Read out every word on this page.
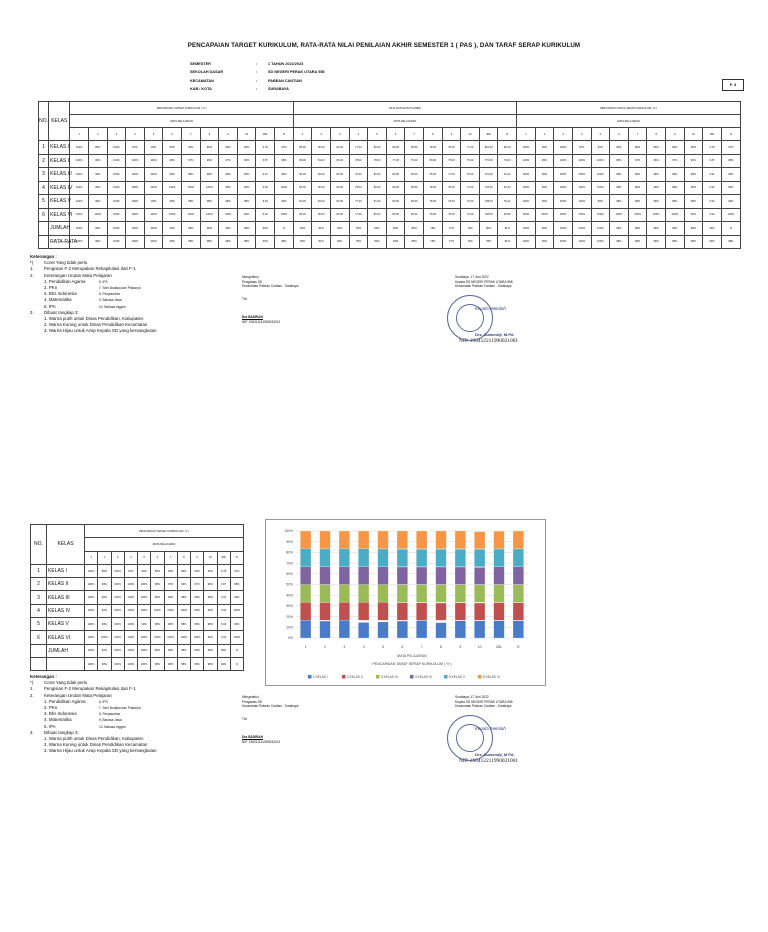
PENCAPAIAN TARGET KURIKULUM, RATA-RATA NILAI PENILAIAN AKHIR SEMESTER 1 ( PAS ), DAN TARAF SERAP KURIKULUM
SEMESTER	:	1 TAHUN 2022/2023
SEKOLAH DASAR	:	SD NEGERI PERAK UTARA 558
KECAMATAN	:	PABEAN CANTIAN
KAB / KOTA	:	SURABAYA
F. 3
NO.	KELAS	PENCAPAIAN TARGET KURIKULUM ( % )												NILAI RATA-RATA (UASBN)												PENCAPAIAN TARAF SERAP KURIKULUM ( % )											
		MATA PELAJARAN												MATA PELAJARAN												MATA PELAJARAN											
		1	2	3	4	5	6	7	8	9	10	JML	R	1	2	3	4	5	6	7	8	9	10	JML	R	1	2	3	4	5	6	7	8	9	10	JML	R
1	KELAS I	100%	85%	100%	87%	90%	95%	96%	86%	96%	96%	6.78	97%	85.00	80.00	82.00	77.00	80.00	80.00	84.00	78.00	76.00	77.00	802.00	80.20	100%	95%	100%	87%	90%	95%	98%	86%	96%	96%	6.78	97%
2	KELAS II	100%	99%	100%	100%	100%	98%	97%	96%	97%	96%	6.87	98%	86.00	81.00	80.00	78.00	78.00	77.00	79.00	80.00	76.00	76.00	770.00	79.00	100%	99%	100%	100%	100%	98%	97%	96%	97%	96%	6.87	98%
3	KELAS III	100%	99%	100%	100%	100%	98%	98%	98%	98%	98%	6.91	99%	80.00	83.00	82.00	76.00	80.00	80.00	84.00	78.00	77.00	76.00	731.00	81.22	100%	99%	100%	100%	100%	98%	98%	98%	98%	98%	6.91	99%
4	KELAS IV	100%	99%	100%	100%	100%	100%	100%	100%	98%	96%	6.92	100%	84.00	80.00	83.00	78.00	80.00	80.00	84.00	78.00	76.00	71.00	733.00	81.44	100%	99%	100%	100%	100%	98%	98%	98%	98%	96%	6.92	99%
5	KELAS V	100%	99%	100%	100%	99%	98%	98%	98%	98%	98%	6.93	99%	81.00	81.00	82.00	77.00	81.00	80.00	84.00	78.00	76.00	72.00	738.00	81.11	100%	99%	100%	100%	99%	98%	98%	98%	98%	98%	6.92	99%
6	KELAS VI	100%	100%	100%	100%	100%	100%	100%	100%	100%	96%	6.92	100%	84.00	82.00	82.00	77.00	80.00	80.00	84.00	78.00	76.00	72.00	738.00	80.89	100%	100%	100%	100%	100%	100%	100%	100%	100%	96%	6.92	100%
	JUMLAH	100%	99%	100%	100%	100%	98%	98%	98%	98%	98%	99%	%	83%	81%	82%	78%	82%	84%	85%	78%	77%	76%	80%	81%	100%	99%	100%	100%	100%	98%	98%	98%	98%	98%	99%	%
	RATA-RATA	100%	99%	100%	100%	100%	98%	98%	98%	98%	98%	99%	98%	83%	81%	82%	78%	82%	84%	85%	78%	77%	76%	78%	81%	100%	99%	100%	100%	100%	98%	98%	98%	98%	98%	99%	98%
Keterangan :
*)	Coret Yang tidak perlu
1.	Pengisian F-2 Merupakan Rekapitulasi dari F-1
2.	Keterangan Urutan Mata Pelajaran
1. Pendidikan Agama	6. IPS
2. PKn	7. Seni Budaya dan Prakarya
3. Bhs Indonesia	8. Penjasorkes
4. Matematika	9. Bahasa Jawa
5. IPA	10. Bahasa Inggris
3.	Dibuat rangkap 3:
1. Warna putih untuk Dinas Pendidikan, Kabupaten
2. Warna Kuning untuk Dinas Pendidikan Kecamatan
3. Warna Hijau untuk Arsip Kepala SD yang bersangkutan
Mengetahui,
Pengawas SD
Kecamatan Pabean Cantian - Surabaya
Ttd
Dra BADRIAH
NIP. 196311141983032013
Surabaya, 17 Juni 2022
Kepala SD NEGERI PERAK UTARA 558
Kecamatan Pabean Cantian - Surabaya
Kepala Sekolah
Drs. Suwondji, M.Pd.
NIP. 196412211990021001
NO.	KELAS	PENCAPAIAN TARGET KURIKULUM ( % )											
		MATA PELAJARAN											
		1	2	3	4	5	6	7	8	9	10	JML	R
1	KELAS I	100%	85%	100%	87%	90%	95%	96%	86%	96%	96%	6.78	97%
2	KELAS II	100%	99%	100%	100%	100%	98%	97%	96%	97%	96%	6.87	98%
3	KELAS III	100%	99%	100%	100%	100%	98%	98%	98%	98%	98%	6.91	99%
4	KELAS IV	100%	99%	100%	100%	100%	100%	100%	100%	98%	96%	6.92	100%
5	KELAS V	100%	99%	100%	100%	99%	98%	98%	98%	98%	98%	6.93	99%
6	KELAS VI	100%	100%	100%	100%	100%	100%	100%	100%	100%	96%	6.92	100%
	JUMLAH	100%	99%	100%	100%	100%	98%	98%	98%	98%	98%	99%	%
		100%	99%	100%	100%	100%	98%	98%	98%	98%	98%	99%	%
0%
10%
20%
30%
40%
50%
60%
70%
80%
90%
100%
1	2	3	4	5	6	7	8	9	10	JML	R
MATA PELAJARAN
PENCAPAIAN TARAF SERAP KURIKULUM ( % )
1 KELAS I	2 KELAS II	3 KELAS III	4 KELAS IV	5 KELAS V	6 KELAS VI
Keterangan :
*)	Coret Yang tidak perlu
1.	Pengisian F-2 Merupakan Rekapitulasi dari F-1
2.	Keterangan Urutan Mata Pelajaran
1. Pendidikan Agama	6. IPS
2. PKn	7. Seni Budaya dan Prakarya
3. Bhs Indonesia	8. Penjasorkes
4. Matematika	9. Bahasa Jawa
5. IPA	10. Bahasa Inggris
3.	Dibuat rangkap 3:
1. Warna putih untuk Dinas Pendidikan, Kabupaten
2. Warna Kuning untuk Dinas Pendidikan Kecamatan
3. Warna Hijau untuk Arsip Kepala SD yang bersangkutan
Mengetahui,
Pengawas SD
Kecamatan Pabean Cantian - Surabaya
Ttd
Dra BADRIAH
NIP. 196311141983032013
Surabaya, 17 Juni 2022
Kepala SD NEGERI PERAK UTARA 558
Kecamatan Pabean Cantian - Surabaya
Kepala Sekolah
Drs. Suwondji, M.Pd.
NIP. 196412211990021001
